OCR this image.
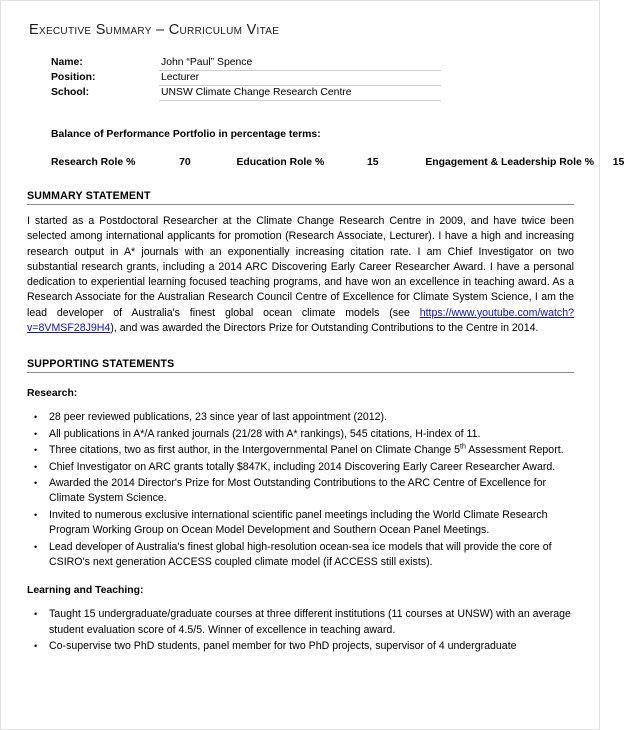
Executive Summary – Curriculum Vitae
Name:	John “Paul” Spence
Position:	Lecturer
School:	UNSW Climate Change Research Centre
Balance of Performance Portfolio in percentage terms:
Research Role %	70	Education Role %	15	Engagement & Leadership Role % 15
SUMMARY STATEMENT

I started as a Postdoctoral Researcher at the Climate Change Research Centre in 2009, and have twice been selected among international applicants for promotion (Research Associate, Lecturer). I have a high and increasing research output in A* journals with an exponentially increasing citation rate. I am Chief Investigator on two substantial research grants, including a 2014 ARC Discovering Early Career Researcher Award. I have a personal dedication to experiential learning focused teaching programs, and have won an excellence in teaching award. As a Research Associate for the Australian Research Council Centre of Excellence for Climate System Science, I am the lead developer of Australia's finest global ocean climate models (see https://www.youtube.com/watch?v=8VMSF28J9H4), and was awarded the Directors Prize for Outstanding Contributions to the Centre in 2014.

SUPPORTING STATEMENTS
Research:
• 28 peer reviewed publications, 23 since year of last appointment (2012).
• All publications in A*/A ranked journals (21/28 with A* rankings), 545 citations, H-index of 11.
• Three citations, two as first author, in the Intergovernmental Panel on Climate Change 5th Assessment Report.
• Chief Investigator on ARC grants totally $847K, including 2014 Discovering Early Career Researcher Award.
• Awarded the 2014 Director's Prize for Most Outstanding Contributions to the ARC Centre of Excellence for Climate System Science.
• Invited to numerous exclusive international scientific panel meetings including the World Climate Research Program Working Group on Ocean Model Development and Southern Ocean Panel Meetings.
• Lead developer of Australia's finest global high-resolution ocean-sea ice models that will provide the core of CSIRO's next generation ACCESS coupled climate model (if ACCESS still exists).
Learning and Teaching:
• Taught 15 undergraduate/graduate courses at three different institutions (11 courses at UNSW) with an average student evaluation score of 4.5/5. Winner of excellence in teaching award.
• Co-supervise two PhD students, panel member for two PhD projects, supervisor of 4 undergraduate
